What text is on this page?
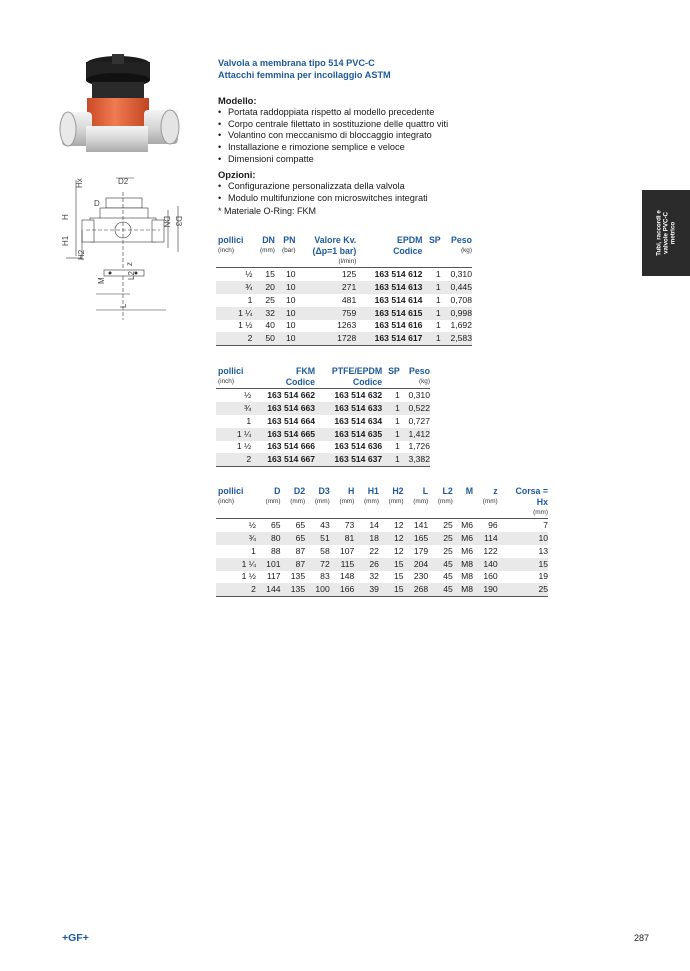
Hx	D2
H
D
DN D3
H1
H2
z
L2
M
L
Valvola a membrana tipo 514 PVC-C
Attacchi femmina per incollaggio ASTM
Modello:
• Portata raddoppiata rispetto al modello precedente
• Corpo centrale filettato in sostituzione delle quattro viti
• Volantino con meccanismo di bloccaggio integrato
• Installazione e rimozione semplice e veloce
• Dimensioni compatte
Opzioni:
• Configurazione personalizzata della valvola
• Modulo multifunzione con microswitches integrati
* Materiale O-Ring: FKM	Tubi, raccordi e valvole PVC-C metrico
pollici	DN	PN	Valore Kv.	EPDM	SP	Peso
(inch)	(mm)	(bar)	(Δp=1 bar)	Codice		(kg)
			(l/min)			
½	15	10	125	163 514 612	1	0,310
¾	20	10	271	163 514 613	1	0,445
1	25	10	481	163 514 614	1	0,708
1 ¼	32	10	759	163 514 615	1	0,998
1 ½	40	10	1263	163 514 616	1	1,692
2	50	10	1728	163 514 617	1	2,583
pollici	FKM	PTFE/EPDM	SP	Peso
(inch)	Codice	Codice		(kg)
½	163 514 662	163 514 632	1	0,310
¾	163 514 663	163 514 633	1	0,522
1	163 514 664	163 514 634	1	0,727
1 ¼	163 514 665	163 514 635	1	1,412
1 ½	163 514 666	163 514 636	1	1,726
2	163 514 667	163 514 637	1	3,382
pollici	D	D2	D3	H	H1	H2	L	L2	M	z	Corsa =
(inch)	(mm)	(mm)	(mm)	(mm)	(mm)	(mm)	(mm)	(mm)		(mm)	Hx
											(mm)
½	65	65	43	73	14	12	141	25	M6	96	7
¾	80	65	51	81	18	12	165	25	M6	114	10
1	88	87	58	107	22	12	179	25	M6	122	13
1 ¼	101	87	72	115	26	15	204	45	M8	140	15
1 ½	117	135	83	148	32	15	230	45	M8	160	19
2	144	135	100	166	39	15	268	45	M8	190	25
+GF+	287
